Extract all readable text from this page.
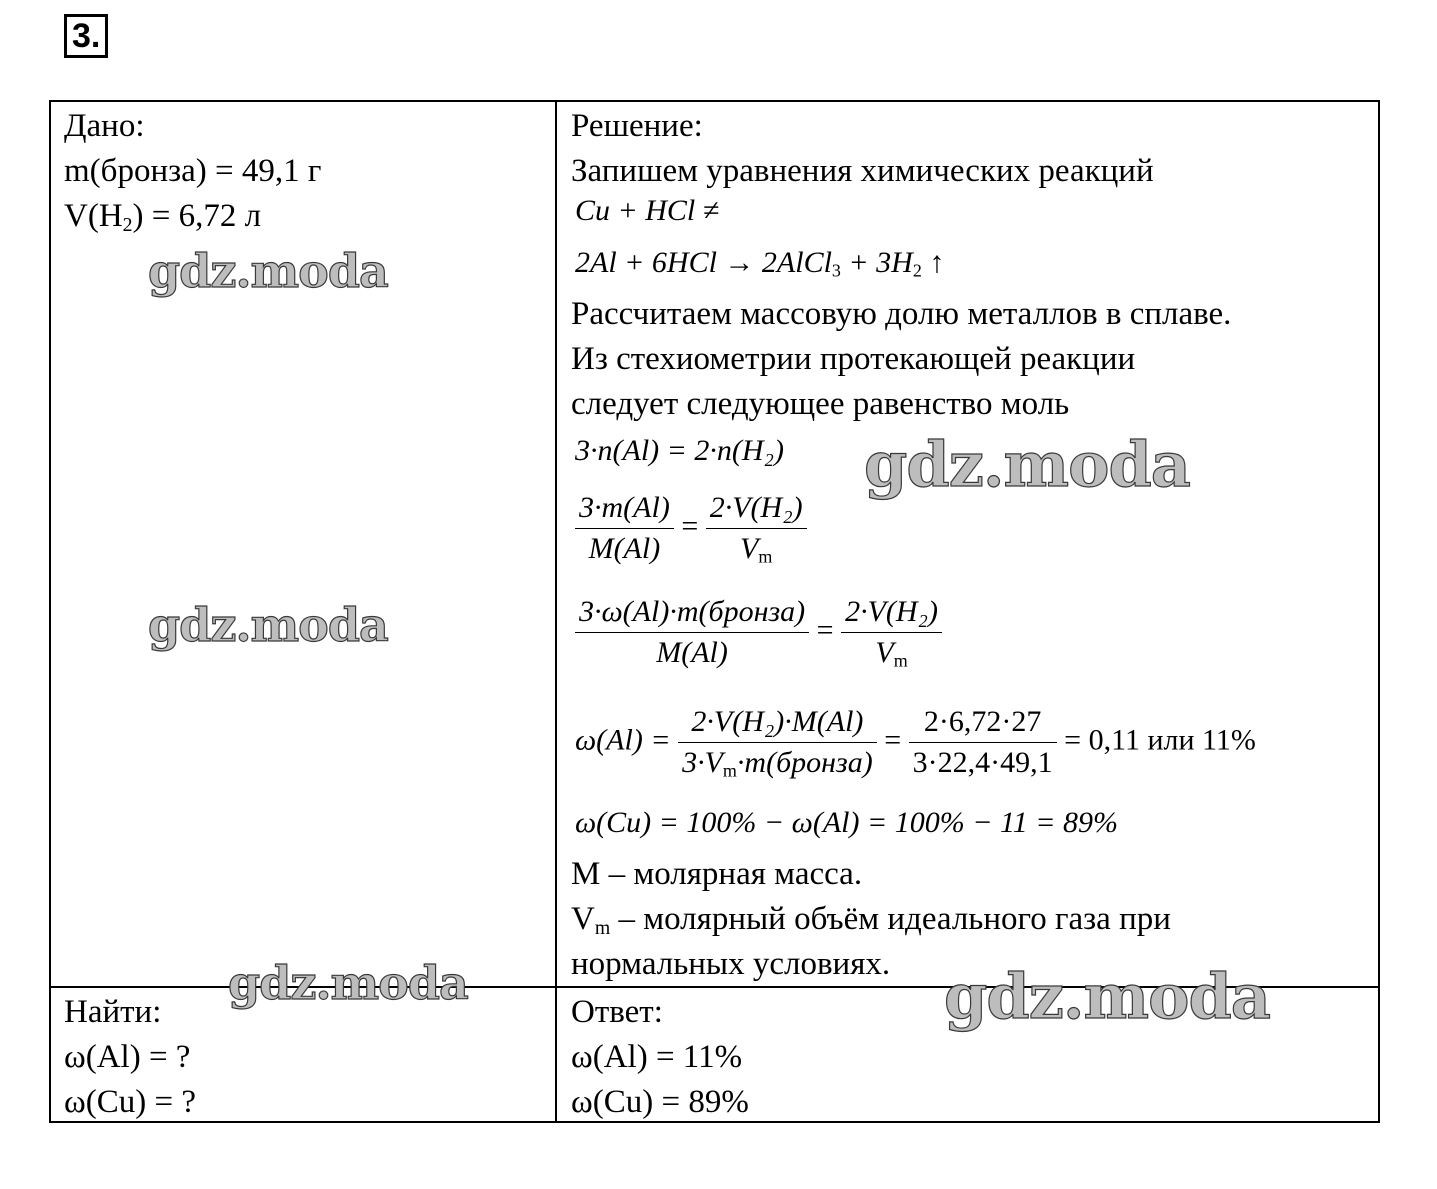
3.
Дано:
m(бронза) = 49,1 г
$V(H_2) = 6,72$ л
Найти:
ω(Al) = ?
ω(Cu) = ?
Решение:
Запишем уравнения химических реакций
Cu + HCl ≠
2Al + 6HCl → 2AlCl$_3$ + $3H_2$ ↑
Рассчитаем массовую долю металлов в сплаве.
Из стехиометрии протекающей реакции
следует следующее равенство моль
3·n(Al) = 2·n(H₂)
$\frac{3\cdot m(Al)}{M(Al)} = \frac{\text{2·V(H₂)}}{V_m}$
$\frac{\text{3·ω(Al)·m(бронза)}}{M(Al)} = \frac{\text{2·V(H₂)}}{V_m}$
$\omega(Al) = \frac{\text{2·V(H₂)·M(Al)}}{3\cdot V_m\cdot m(бронза)} = \frac{2\cdot 6,72\cdot 27}{3\cdot 22,4\cdot 49,1} = 0,11$ или 11%
ω(Cu) = 100% − ω(Al) = 100% − 11 = 89%
M – молярная масса.
$V_m$ – молярный объём идеального газа при
нормальных условиях.
Ответ:
ω(Al) = 11%
ω(Cu) = 89%
gdz.moda
gdz.moda
gdz.moda
gdz.moda
gdz.moda
